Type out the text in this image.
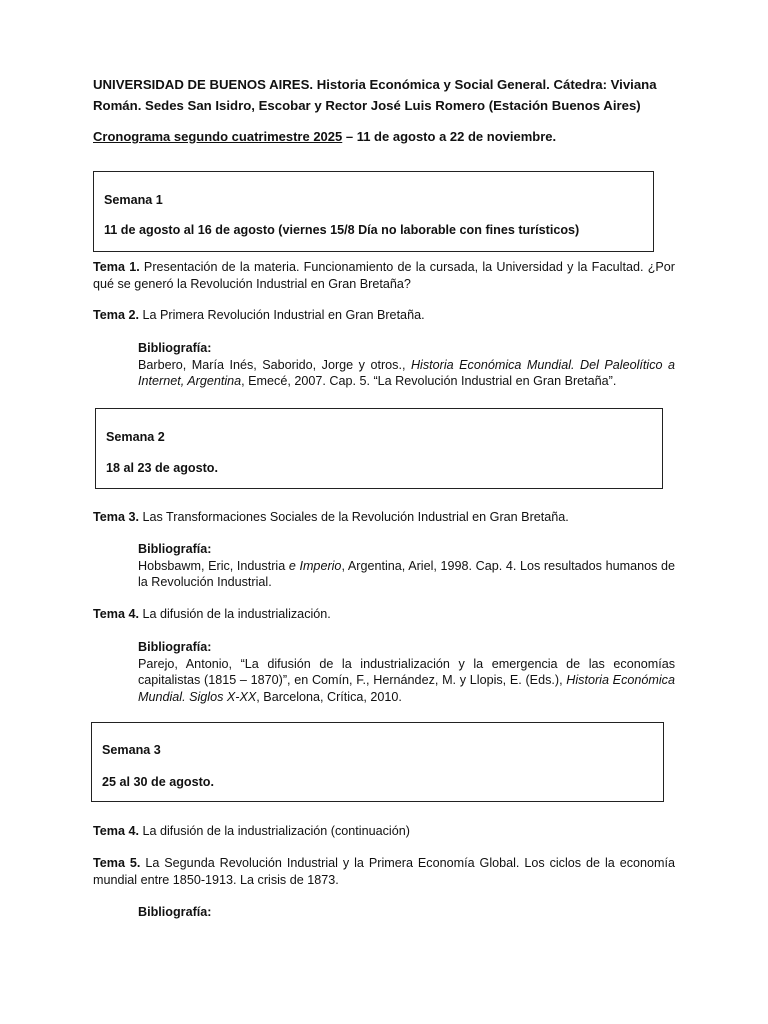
UNIVERSIDAD DE BUENOS AIRES. Historia Económica y Social General. Cátedra: Viviana
Román. Sedes San Isidro, Escobar y Rector José Luis Romero (Estación Buenos Aires)
Cronograma segundo cuatrimestre 2025 – 11 de agosto a 22 de noviembre.
Semana 1
11 de agosto al 16 de agosto (viernes 15/8 Día no laborable con fines turísticos)
Tema 1. Presentación de la materia. Funcionamiento de la cursada, la Universidad y la Facultad. ¿Por qué se generó la Revolución Industrial en Gran Bretaña?
Tema 2. La Primera Revolución Industrial en Gran Bretaña.
Bibliografía:
Barbero, María Inés, Saborido, Jorge y otros., Historia Económica Mundial. Del Paleolítico a Internet, Argentina, Emecé, 2007. Cap. 5. “La Revolución Industrial en Gran Bretaña”.
Semana 2
18 al 23 de agosto.
Tema 3. Las Transformaciones Sociales de la Revolución Industrial en Gran Bretaña.
Bibliografía:
Hobsbawm, Eric, Industria e Imperio, Argentina, Ariel, 1998. Cap. 4. Los resultados humanos de la Revolución Industrial.
Tema 4. La difusión de la industrialización.
Bibliografía:
Parejo, Antonio, “La difusión de la industrialización y la emergencia de las economías capitalistas (1815 – 1870)”, en Comín, F., Hernández, M. y Llopis, E. (Eds.), Historia Económica Mundial. Siglos X-XX, Barcelona, Crítica, 2010.
Semana 3
25 al 30 de agosto.
Tema 4. La difusión de la industrialización (continuación)
Tema 5. La Segunda Revolución Industrial y la Primera Economía Global. Los ciclos de la economía mundial entre 1850-1913. La crisis de 1873.
Bibliografía:
